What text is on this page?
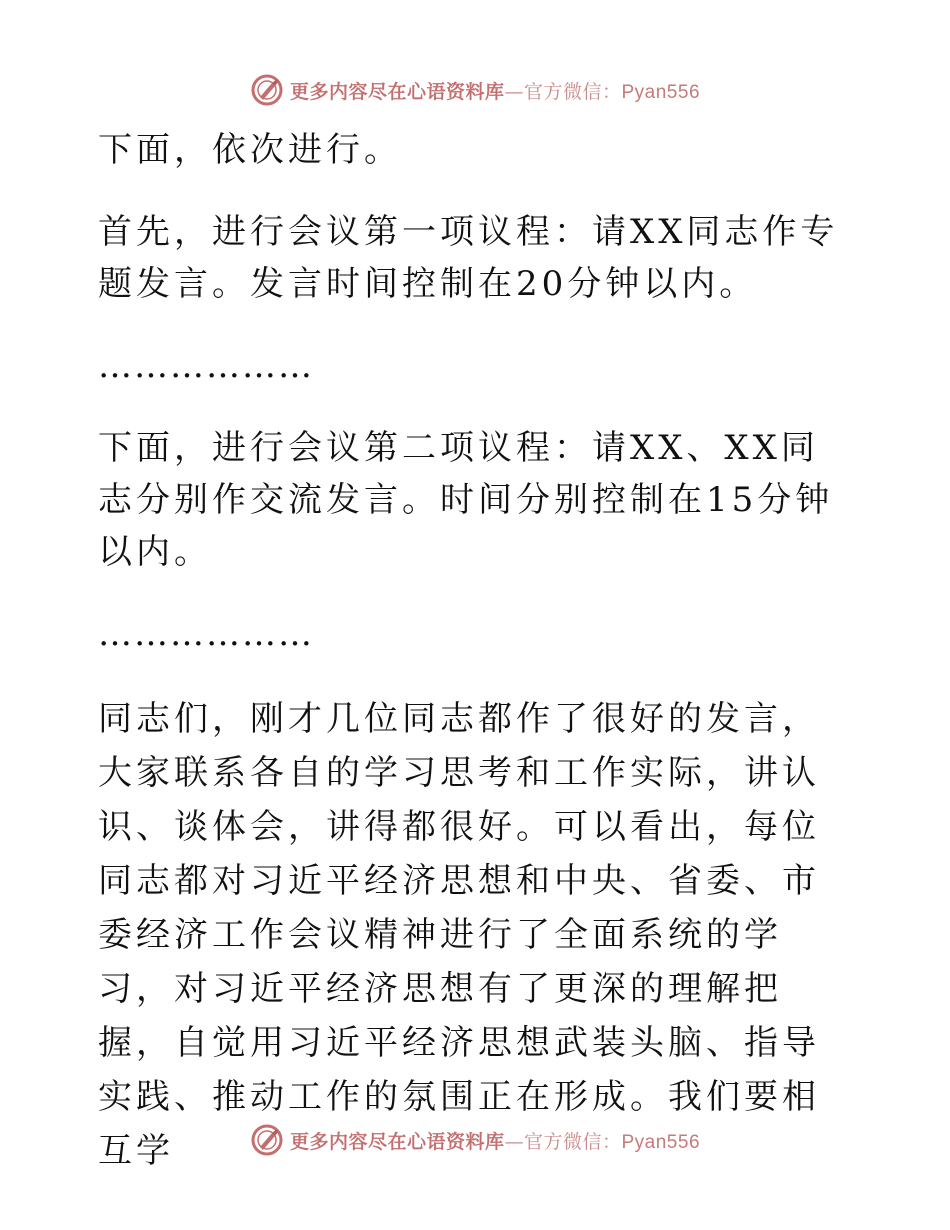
更多内容尽在心语资料库—官方微信：Pyan556

下面，依次进行。

首先，进行会议第一项议程：请XX同志作专题发言。发言时间控制在20分钟以内。

………………

下面，进行会议第二项议程：请XX、XX同志分别作交流发言。时间分别控制在15分钟以内。

………………

同志们，刚才几位同志都作了很好的发言，大家联系各自的学习思考和工作实际，讲认识、谈体会，讲得都很好。可以看出，每位同志都对习近平经济思想和中央、省委、市委经济工作会议精神进行了全面系统的学习，对习近平经济思想有了更深的理解把握，自觉用习近平经济思想武装头脑、指导实践、推动工作的氛围正在形成。我们要相互学	更多内容尽在心语资料库—官方微信：Pyan556
